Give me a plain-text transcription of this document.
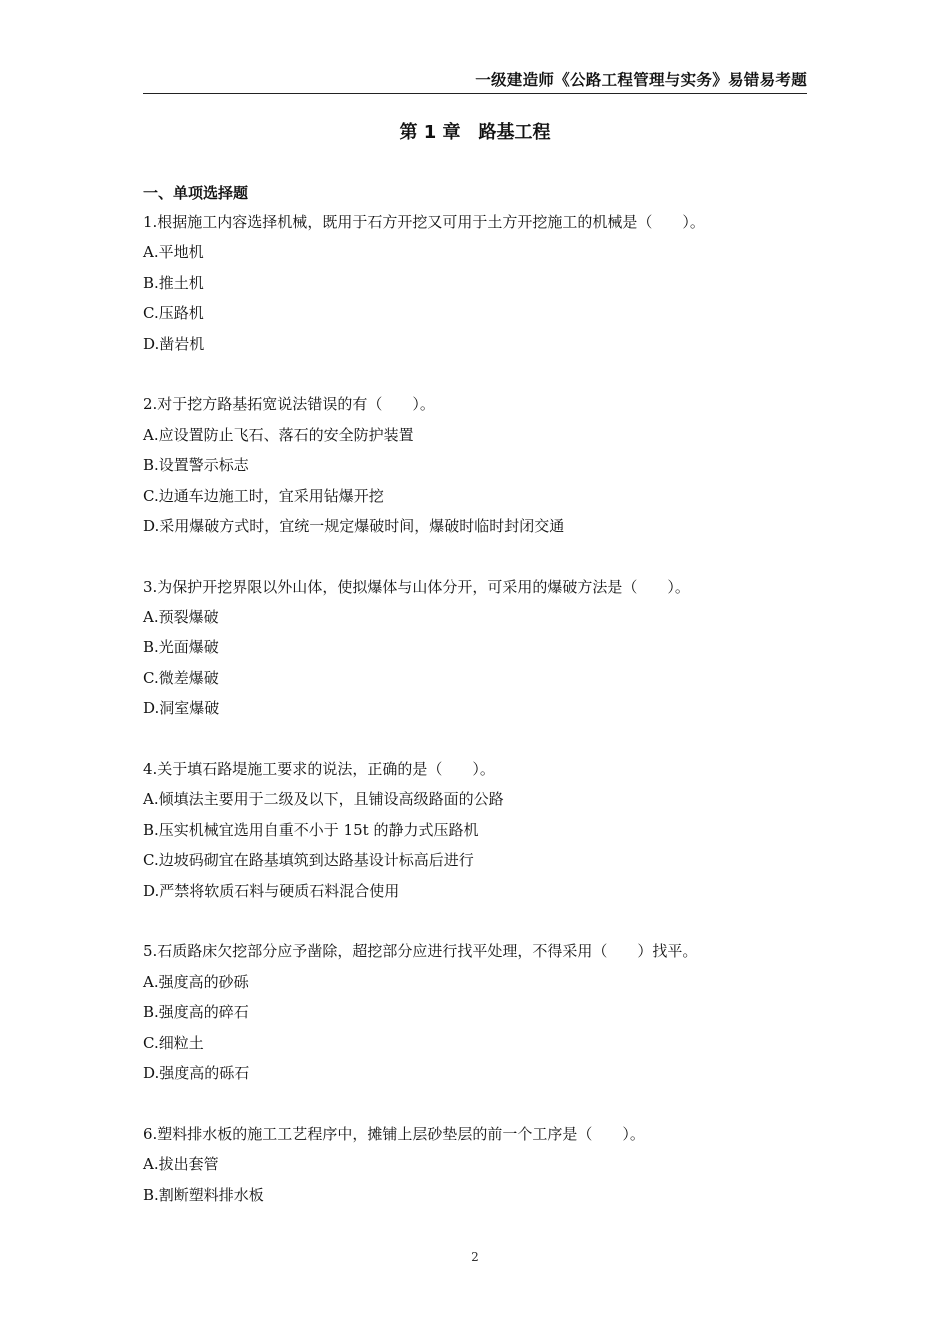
一级建造师《公路工程管理与实务》易错易考题
第 1 章　路基工程
一、单项选择题
1.根据施工内容选择机械，既用于石方开挖又可用于土方开挖施工的机械是（　　）。
A.平地机
B.推土机
C.压路机
D.凿岩机
2.对于挖方路基拓宽说法错误的有（　　）。
A.应设置防止飞石、落石的安全防护装置
B.设置警示标志
C.边通车边施工时，宜采用钻爆开挖
D.采用爆破方式时，宜统一规定爆破时间，爆破时临时封闭交通
3.为保护开挖界限以外山体，使拟爆体与山体分开，可采用的爆破方法是（　　）。
A.预裂爆破
B.光面爆破
C.微差爆破
D.洞室爆破
4.关于填石路堤施工要求的说法，正确的是（　　）。
A.倾填法主要用于二级及以下，且铺设高级路面的公路
B.压实机械宜选用自重不小于 15t 的静力式压路机
C.边坡码砌宜在路基填筑到达路基设计标高后进行
D.严禁将软质石料与硬质石料混合使用
5.石质路床欠挖部分应予凿除，超挖部分应进行找平处理，不得采用（　　）找平。
A.强度高的砂砾
B.强度高的碎石
C.细粒土
D.强度高的砾石
6.塑料排水板的施工工艺程序中，摊铺上层砂垫层的前一个工序是（　　）。
A.拔出套管
B.割断塑料排水板
2
